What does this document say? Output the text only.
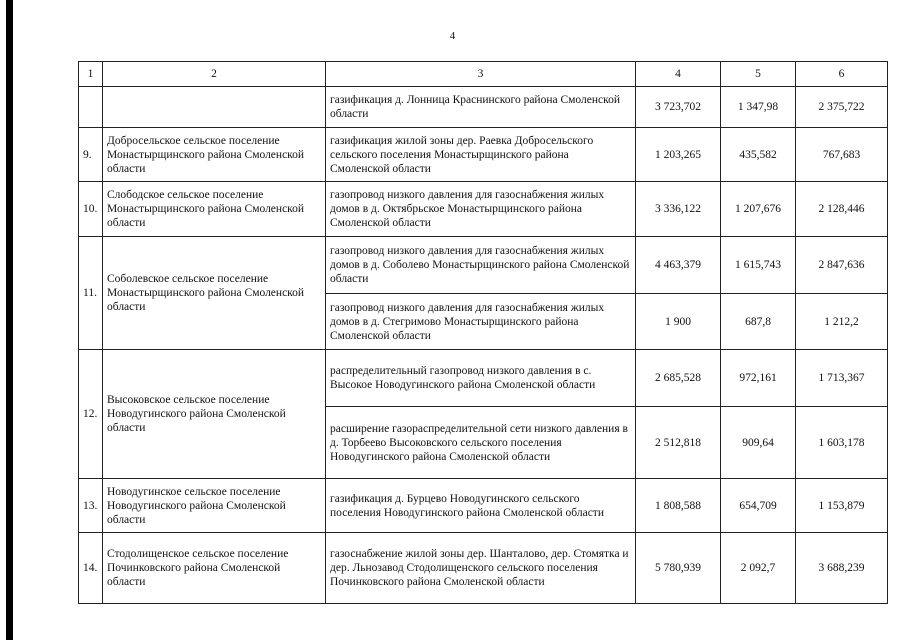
4
1	2	3	4	5	6
		газификация д. Лонница Краснинского района Смоленской области	3 723,702	1 347,98	2 375,722
9.	Добросельское сельское поселение Монастырщинского района Смоленской области	газификация жилой зоны дер. Раевка Добросельского сельского поселения Монастырщинского района Смоленской области	1 203,265	435,582	767,683
10.	Слободское сельское поселение Монастырщинского района Смоленской области	газопровод низкого давления для газоснабжения жилых домов в д. Октябрьское Монастырщинского района Смоленской области	3 336,122	1 207,676	2 128,446
11.	Соболевское сельское поселение Монастырщинского района Смоленской области	газопровод низкого давления для газоснабжения жилых домов в д. Соболево Монастырщинского района Смоленской области	4 463,379	1 615,743	2 847,636
		газопровод низкого давления для газоснабжения жилых домов в д. Стегримово Монастырщинского района Смоленской области	1 900	687,8	1 212,2
12.	Высоковское сельское поселение Новодугинского района Смоленской области	распределительный газопровод низкого давления в с. Высокое Новодугинского района Смоленской области	2 685,528	972,161	1 713,367
		расширение газораспределительной сети низкого давления в д. Торбеево Высоковского сельского поселения Новодугинского района Смоленской области	2 512,818	909,64	1 603,178
13.	Новодугинское сельское поселение Новодугинского района Смоленской области	газификация д. Бурцево Новодугинского сельского поселения Новодугинского района Смоленской области	1 808,588	654,709	1 153,879
14.	Стодолищенское сельское поселение Починковского района Смоленской области	газоснабжение жилой зоны дер. Шанталово, дер. Стомятка и дер. Льнозавод Стодолищенского сельского поселения Починковского района Смоленской области	5 780,939	2 092,7	3 688,239
